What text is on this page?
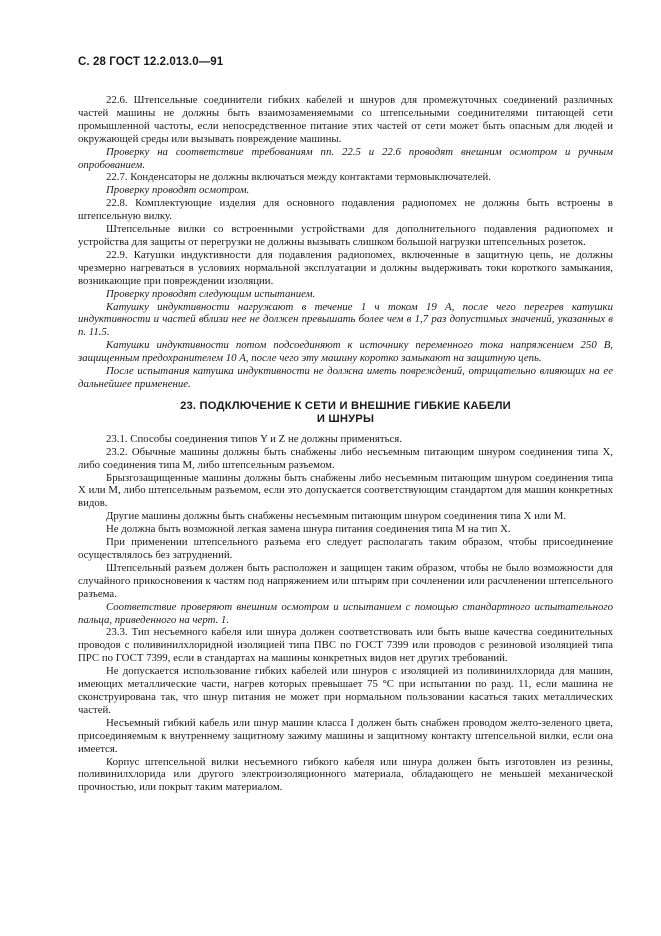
С. 28 ГОСТ 12.2.013.0—91

22.6. Штепсельные соединители гибких кабелей и шнуров для промежуточных соединений различных частей машины не должны быть взаимозаменяемыми со штепсельными соединителями питающей сети промышленной частоты, если непосредственное питание этих частей от сети может быть опасным для людей и окружающей среды или вызывать повреждение машины.

Проверку на соответствие требованиям пп. 22.5 и 22.6 проводят внешним осмотром и ручным опробованием.

22.7. Конденсаторы не должны включаться между контактами термовыключателей.

Проверку проводят осмотром.

22.8. Комплектующие изделия для основного подавления радиопомех не должны быть встроены в штепсельную вилку.

Штепсельные вилки со встроенными устройствами для дополнительного подавления радиопомех и устройства для защиты от перегрузки не должны вызывать слишком большой нагрузки штепсельных розеток.

22.9. Катушки индуктивности для подавления радиопомех, включенные в защитную цепь, не должны чрезмерно нагреваться в условиях нормальной эксплуатации и должны выдерживать токи короткого замыкания, возникающие при повреждении изоляции.

Проверку проводят следующим испытанием.

Катушку индуктивности нагружают в течение 1 ч током 19 А, после чего перегрев катушки индуктивности и частей вблизи нее не должен превышать более чем в 1,7 раз допустимых значений, указанных в п. 11.5.

Катушки индуктивности потом подсоединяют к источнику переменного тока напряжением 250 В, защищенным предохранителем 10 А, после чего эту машину коротко замыкают на защитную цепь.

После испытания катушка индуктивности не должна иметь повреждений, отрицательно влияющих на ее дальнейшее применение.

23. ПОДКЛЮЧЕНИЕ К СЕТИ И ВНЕШНИЕ ГИБКИЕ КАБЕЛИ
И ШНУРЫ

23.1. Способы соединения типов Y и Z не должны применяться.

23.2. Обычные машины должны быть снабжены либо несъемным питающим шнуром соединения типа X, либо соединения типа M, либо штепсельным разъемом.

Брызгозащищенные машины должны быть снабжены либо несъемным питающим шнуром соединения типа X или M, либо штепсельным разъемом, если это допускается соответствующим стандартом для машин конкретных видов.

Другие машины должны быть снабжены несъемным питающим шнуром соединения типа X или M.

Не должна быть возможной легкая замена шнура питания соединения типа M на тип X.

При применении штепсельного разъема его следует располагать таким образом, чтобы присоединение осуществлялось без затруднений.

Штепсельный разъем должен быть расположен и защищен таким образом, чтобы не было возможности для случайного прикосновения к частям под напряжением или штырям при сочленении или расчленении штепсельного разъема.

Соответствие проверяют внешним осмотром и испытанием с помощью стандартного испытательного пальца, приведенного на черт. 1.

23.3. Тип несъемного кабеля или шнура должен соответствовать или быть выше качества соединительных проводов с поливинилхлоридной изоляцией типа ПВС по ГОСТ 7399 или проводов с резиновой изоляцией типа ПРС по ГОСТ 7399, если в стандартах на машины конкретных видов нет других требований.

Не допускается использование гибких кабелей или шнуров с изоляцией из поливинилхлорида для машин, имеющих металлические части, нагрев которых превышает 75 °С при испытании по разд. 11, если машина не сконструирована так, что шнур питания не может при нормальном пользовании касаться таких металлических частей.

Несъемный гибкий кабель или шнур машин класса I должен быть снабжен проводом желто-зеленого цвета, присоединяемым к внутреннему защитному зажиму машины и защитному контакту штепсельной вилки, если она имеется.

Корпус штепсельной вилки несъемного гибкого кабеля или шнура должен быть изготовлен из резины, поливинилхлорида или другого электроизоляционного материала, обладающего не меньшей механической прочностью, или покрыт таким материалом.
